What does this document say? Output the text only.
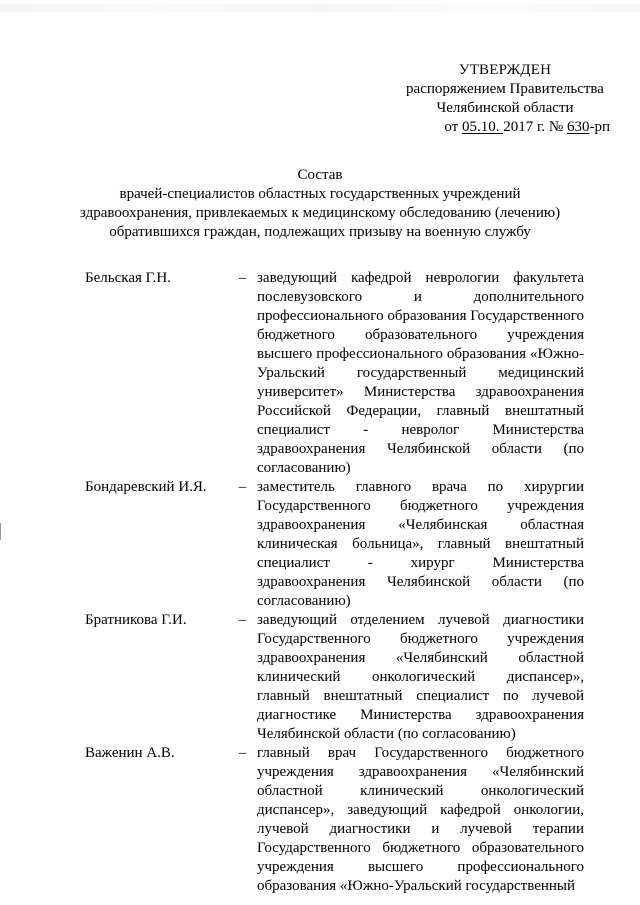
УТВЕРЖДЕН
распоряжением Правительства
Челябинской области
от 05.10. 2017 г. № 630-рп
Состав
врачей-специалистов областных государственных учреждений
здравоохранения, привлекаемых к медицинскому обследованию (лечению)
обратившихся граждан, подлежащих призыву на военную службу
Бельская Г.Н.	– заведующий кафедрой неврологии факультета послевузовского и дополнительного профессионального образования Государственного бюджетного образовательного учреждения высшего профессионального образования «Южно-Уральский государственный медицинский университет» Министерства здравоохранения Российской Федерации, главный внештатный специалист - невролог Министерства здравоохранения Челябинской области (по согласованию)
Бондаревский И.Я.	– заместитель главного врача по хирургии Государственного бюджетного учреждения здравоохранения «Челябинская областная клиническая больница», главный внештатный специалист - хирург Министерства здравоохранения Челябинской области (по согласованию)
Братникова Г.И.	– заведующий отделением лучевой диагностики Государственного бюджетного учреждения здравоохранения «Челябинский областной клинический онкологический диспансер», главный внештатный специалист по лучевой диагностике Министерства здравоохранения Челябинской области (по согласованию)
Важенин А.В.	– главный врач Государственного бюджетного учреждения здравоохранения «Челябинский областной клинический онкологический диспансер», заведующий кафедрой онкологии, лучевой диагностики и лучевой терапии Государственного бюджетного образовательного учреждения высшего профессионального образования «Южно-Уральский государственный
